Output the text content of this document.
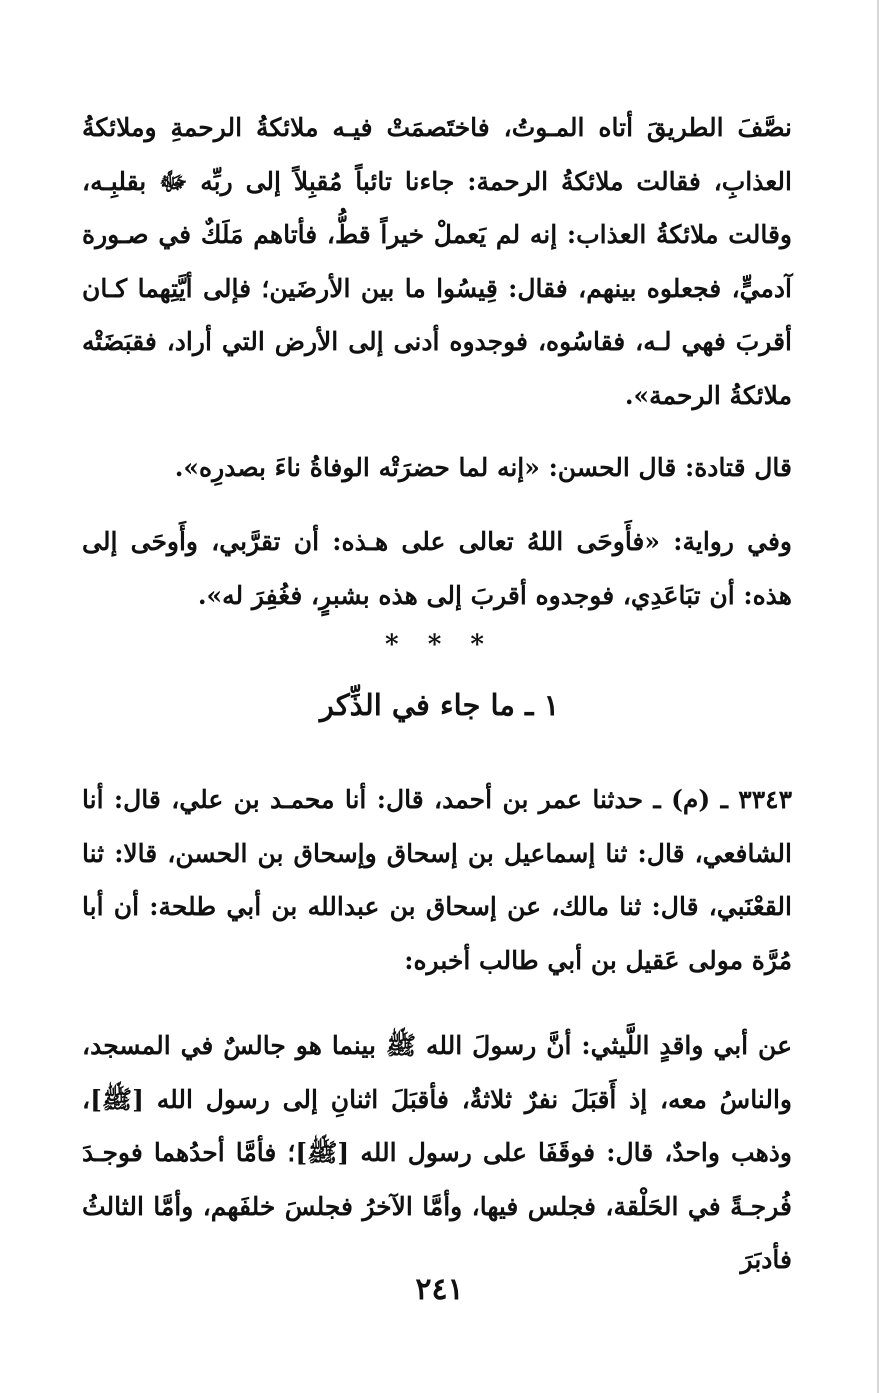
نصَّفَ الطريقَ أتاه المـوتُ، فاختَصمَتْ فيـه ملائكةُ الرحمةِ وملائكةُ العذابِ، فقالت ملائكةُ الرحمة: جاءنا تائباً مُقبِلاً إلى ربِّه ﷻ بقلبِـه، وقالت ملائكةُ العذاب: إنه لم يَعملْ خيراً قطُّ، فأتاهم مَلَكٌ في صـورة آدميٍّ، فجعلوه بينهم، فقال: قِيسُوا ما بين الأرضَين؛ فإلى أيَّتِهما كـان أقربَ فهي لـه، فقاسُوه، فوجدوه أدنى إلى الأرض التي أراد، فقبَضَتْه ملائكةُ الرحمة».

قال قتادة: قال الحسن: «إنه لما حضرَتْه الوفاةُ ناءَ بصدرِه».

وفي رواية: «فأَوحَى اللهُ تعالى على هـذه: أن تقرَّبي، وأَوحَى إلى هذه: أن تبَاعَدِي، فوجدوه أقربَ إلى هذه بشبرٍ، فغُفِرَ له».

* * *
١ ـ ما جاء في الذِّكر

٣٣٤٣ ـ (م) ـ حدثنا عمر بن أحمد، قال: أنا محمـد بن علي، قال: أنا الشافعي، قال: ثنا إسماعيل بن إسحاق وإسحاق بن الحسن، قالا: ثنا القعْنَبي، قال: ثنا مالك، عن إسحاق بن عبدالله بن أبي طلحة: أن أبا مُرَّة مولى عَقيل بن أبي طالب أخبره:

عن أبي واقدٍ اللَّيثي: أنَّ رسولَ الله ﷺ بينما هو جالسٌ في المسجد، والناسُ معه، إذ أَقبَلَ نفرٌ ثلاثةٌ، فأقبَلَ اثنانِ إلى رسول الله [ﷺ]، وذهب واحدٌ، قال: فوقَفَا على رسول الله [ﷺ]؛ فأمَّا أحدُهما فوجـدَ فُرجـةً في الحَلْقة، فجلس فيها، وأمَّا الآخرُ فجلسَ خلفَهم، وأمَّا الثالثُ فأدبَرَ

٢٤١
